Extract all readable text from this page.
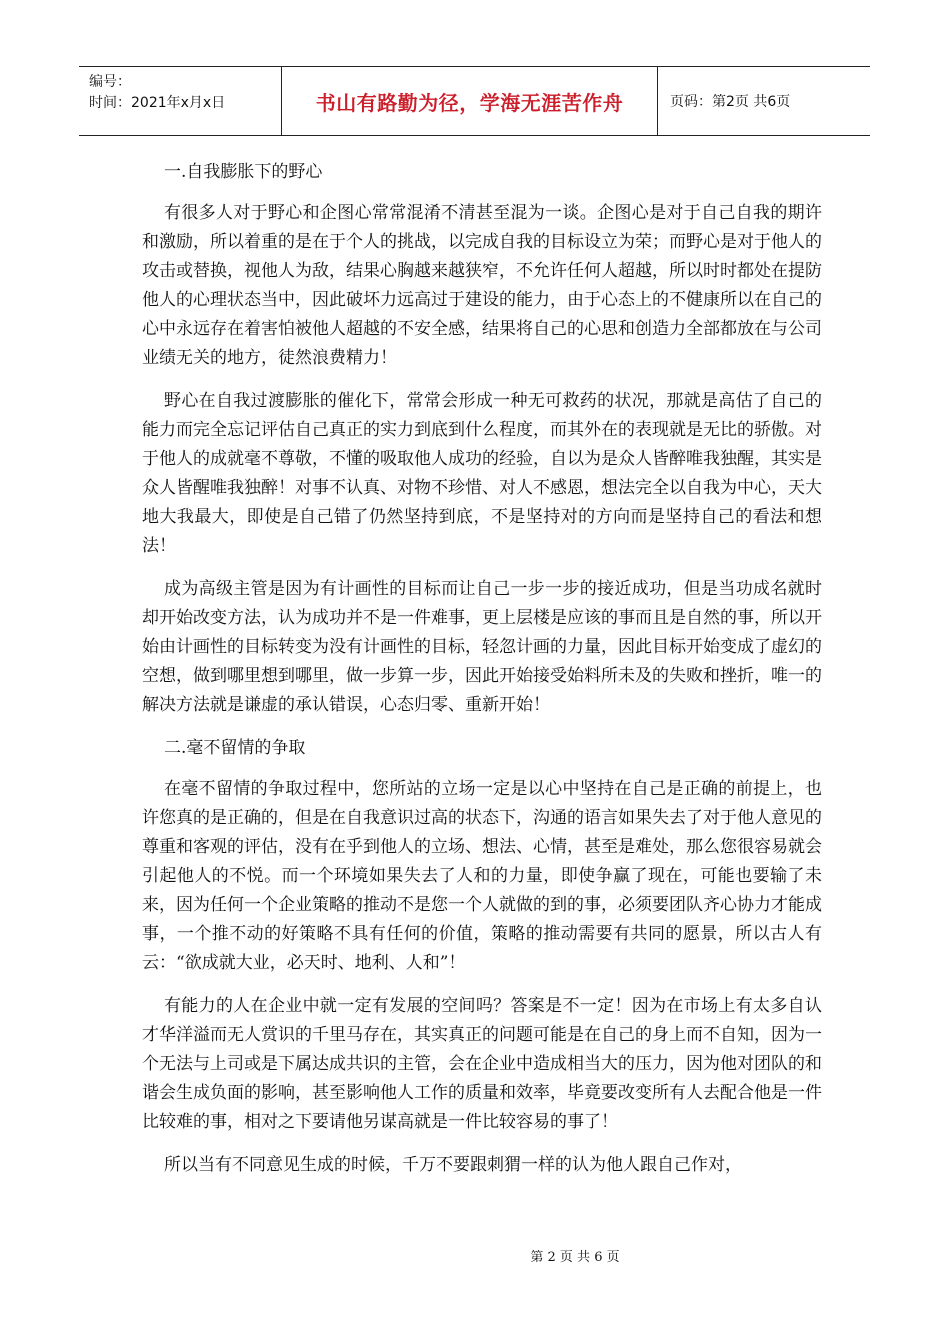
编号：
时间：2021年x月x日	书山有路勤为径，学海无涯苦作舟	页码：第2页 共6页
一.自我膨胀下的野心

有很多人对于野心和企图心常常混淆不清甚至混为一谈。企图心是对于自己自我的期许和激励，所以着重的是在于个人的挑战，以完成自我的目标设立为荣；而野心是对于他人的攻击或替换，视他人为敌，结果心胸越来越狭窄，不允许任何人超越，所以时时都处在提防他人的心理状态当中，因此破坏力远高过于建设的能力，由于心态上的不健康所以在自己的心中永远存在着害怕被他人超越的不安全感，结果将自己的心思和创造力全部都放在与公司业绩无关的地方，徒然浪费精力！

野心在自我过渡膨胀的催化下，常常会形成一种无可救药的状况，那就是高估了自己的能力而完全忘记评估自己真正的实力到底到什么程度，而其外在的表现就是无比的骄傲。对于他人的成就毫不尊敬，不懂的吸取他人成功的经验，自以为是众人皆醉唯我独醒，其实是众人皆醒唯我独醉！对事不认真、对物不珍惜、对人不感恩，想法完全以自我为中心，天大地大我最大，即使是自己错了仍然坚持到底，不是坚持对的方向而是坚持自己的看法和想法！

成为高级主管是因为有计画性的目标而让自己一步一步的接近成功，但是当功成名就时却开始改变方法，认为成功并不是一件难事，更上层楼是应该的事而且是自然的事，所以开始由计画性的目标转变为没有计画性的目标，轻忽计画的力量，因此目标开始变成了虚幻的空想，做到哪里想到哪里，做一步算一步，因此开始接受始料所未及的失败和挫折，唯一的解决方法就是谦虚的承认错误，心态归零、重新开始！

二.毫不留情的争取

在毫不留情的争取过程中，您所站的立场一定是以心中坚持在自己是正确的前提上，也许您真的是正确的，但是在自我意识过高的状态下，沟通的语言如果失去了对于他人意见的尊重和客观的评估，没有在乎到他人的立场、想法、心情，甚至是难处，那么您很容易就会引起他人的不悦。而一个环境如果失去了人和的力量，即使争赢了现在，可能也要输了未来，因为任何一个企业策略的推动不是您一个人就做的到的事，必须要团队齐心协力才能成事，一个推不动的好策略不具有任何的价值，策略的推动需要有共同的愿景，所以古人有云：“欲成就大业，必天时、地利、人和”！

有能力的人在企业中就一定有发展的空间吗？答案是不一定！因为在市场上有太多自认才华洋溢而无人赏识的千里马存在，其实真正的问题可能是在自己的身上而不自知，因为一个无法与上司或是下属达成共识的主管，会在企业中造成相当大的压力，因为他对团队的和谐会生成负面的影响，甚至影响他人工作的质量和效率，毕竟要改变所有人去配合他是一件比较难的事，相对之下要请他另谋高就是一件比较容易的事了！

所以当有不同意见生成的时候，千万不要跟刺猬一样的认为他人跟自己作对，

第 2 页 共 6 页
